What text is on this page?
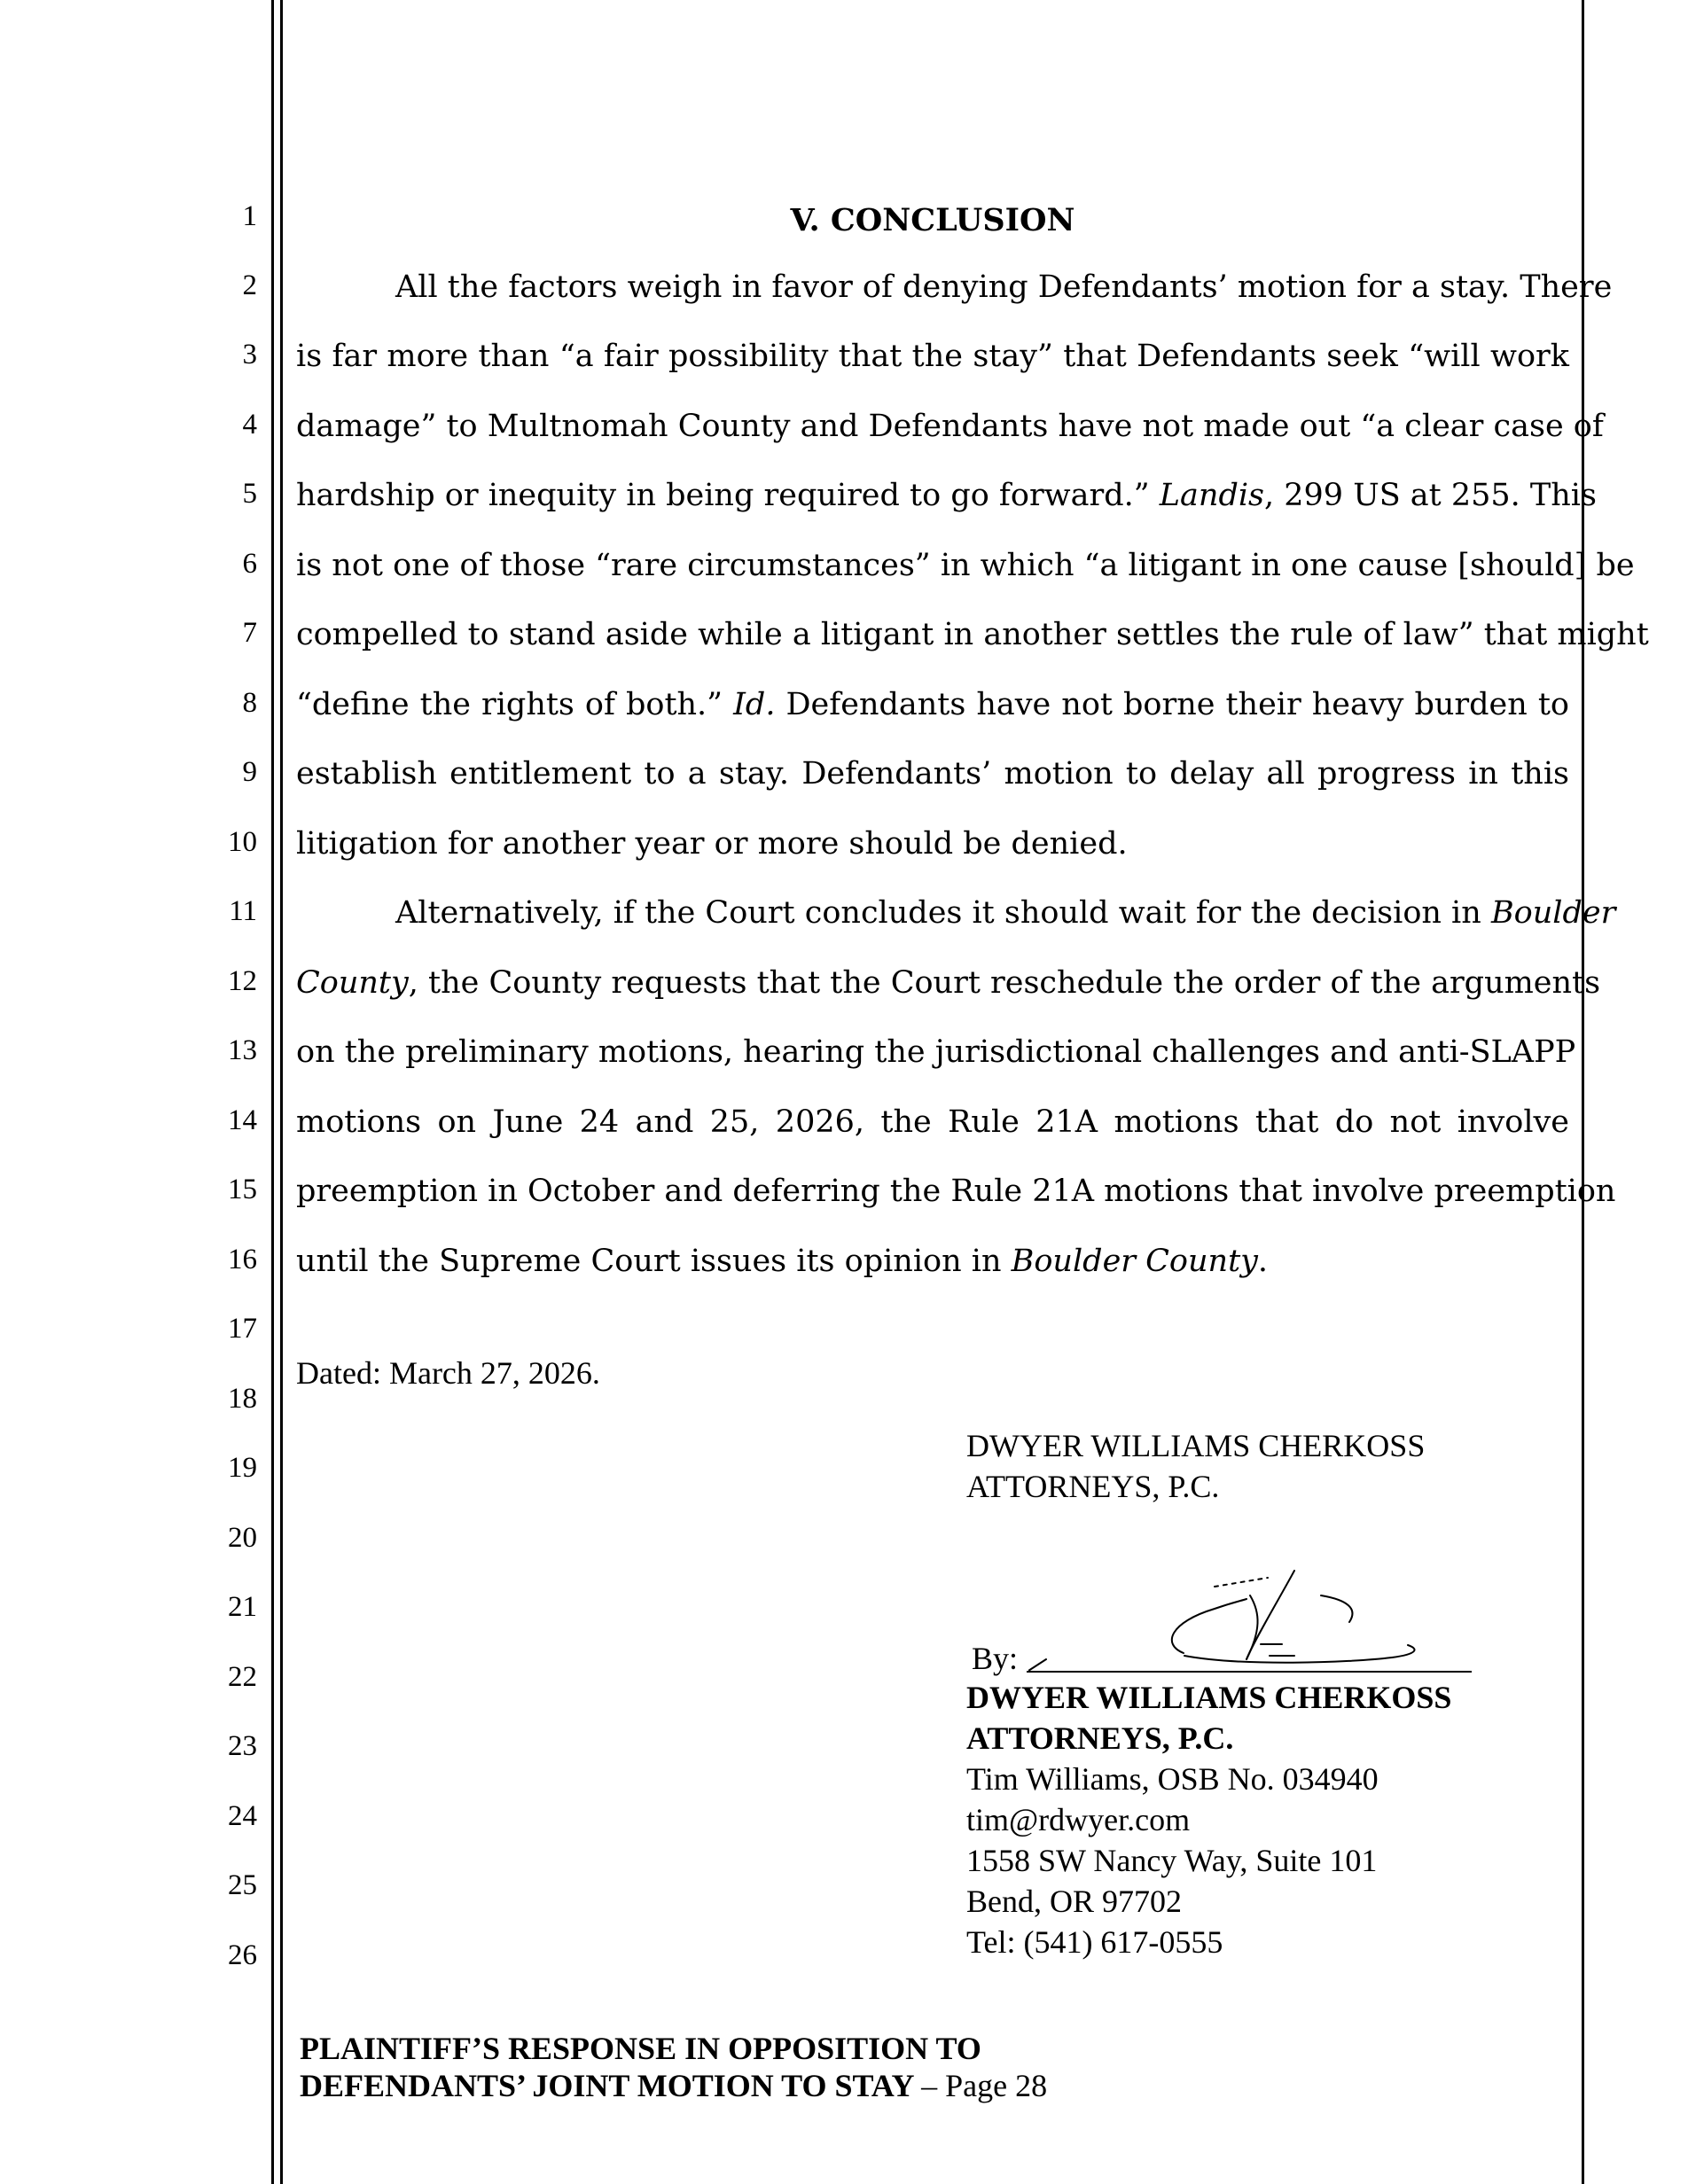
1
2
3
4
5
6
7
8
9
10
11
12
13
14
15
16
17
18
19
20
21
22
23
24
25
26
V. CONCLUSION
All the factors weigh in favor of denying Defendants’ motion for a stay. There
is far more than “a fair possibility that the stay” that Defendants seek “will work
damage” to Multnomah County and Defendants have not made out “a clear case of
hardship or inequity in being required to go forward.” Landis, 299 US at 255. This
is not one of those “rare circumstances” in which “a litigant in one cause [should] be
compelled to stand aside while a litigant in another settles the rule of law” that might
“define the rights of both.” Id. Defendants have not borne their heavy burden to
establish entitlement to a stay. Defendants’ motion to delay all progress in this
litigation for another year or more should be denied.
Alternatively, if the Court concludes it should wait for the decision in Boulder
County, the County requests that the Court reschedule the order of the arguments
on the preliminary motions, hearing the jurisdictional challenges and anti-SLAPP
motions on June 24 and 25, 2026, the Rule 21A motions that do not involve
preemption in October and deferring the Rule 21A motions that involve preemption
until the Supreme Court issues its opinion in Boulder County.
Dated: March 27, 2026.
DWYER WILLIAMS CHERKOSS
ATTORNEYS, P.C.
By:
DWYER WILLIAMS CHERKOSS
ATTORNEYS, P.C.
Tim Williams, OSB No. 034940
tim@rdwyer.com
1558 SW Nancy Way, Suite 101
Bend, OR 97702
Tel: (541) 617-0555
PLAINTIFF’S RESPONSE IN OPPOSITION TO
DEFENDANTS’ JOINT MOTION TO STAY – Page 28
